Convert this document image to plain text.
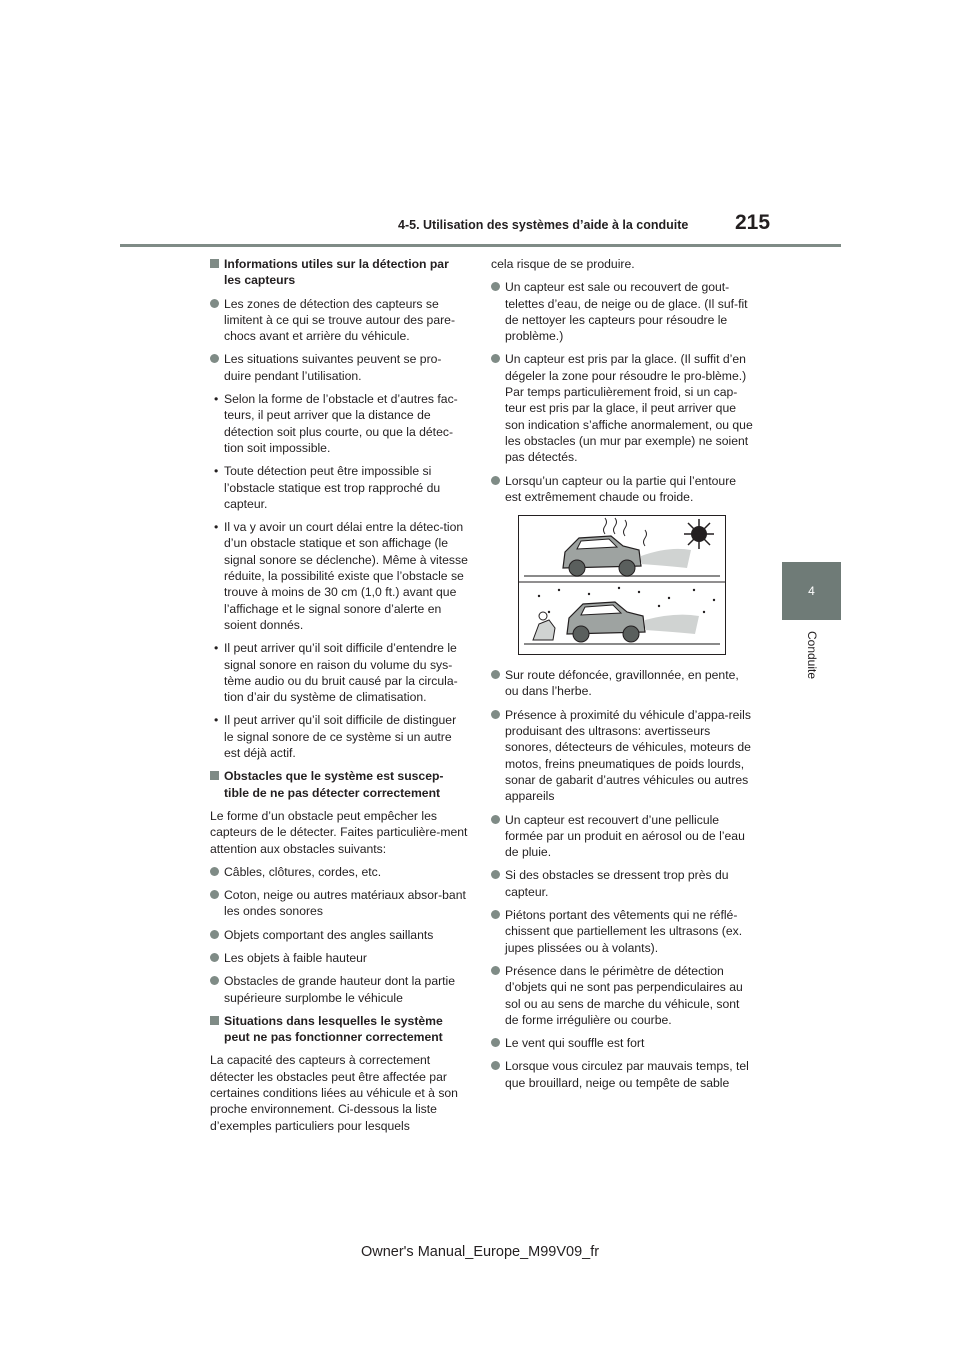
4-5. Utilisation des systèmes d’aide à la conduite 215
4
Conduite
Informations utiles sur la détection par les capteurs
Les zones de détection des capteurs se limitent à ce qui se trouve autour des pare-chocs avant et arrière du véhicule.
Les situations suivantes peuvent se pro-duire pendant l’utilisation.
• Selon la forme de l’obstacle et d’autres fac-teurs, il peut arriver que la distance de détection soit plus courte, ou que la détec-tion soit impossible.
• Toute détection peut être impossible si l’obstacle statique est trop rapproché du capteur.
• Il va y avoir un court délai entre la détec-tion d’un obstacle statique et son affichage (le signal sonore se déclenche). Même à vitesse réduite, la possibilité existe que l’obstacle se trouve à moins de 30 cm (1,0 ft.) avant que l’affichage et le signal sonore d’alerte en soient donnés.
• Il peut arriver qu’il soit difficile d’entendre le signal sonore en raison du volume du sys-tème audio ou du bruit causé par la circula-tion d’air du système de climatisation.
• Il peut arriver qu’il soit difficile de distinguer le signal sonore de ce système si un autre est déjà actif.
Obstacles que le système est suscep-tible de ne pas détecter correctement
Le forme d’un obstacle peut empêcher les capteurs de le détecter. Faites particulière-ment attention aux obstacles suivants:
Câbles, clôtures, cordes, etc.
Coton, neige ou autres matériaux absor-bant les ondes sonores
Objets comportant des angles saillants
Les objets à faible hauteur
Obstacles de grande hauteur dont la partie supérieure surplombe le véhicule
Situations dans lesquelles le système peut ne pas fonctionner correctement
La capacité des capteurs à correctement détecter les obstacles peut être affectée par certaines conditions liées au véhicule et à son proche environnement. Ci-dessous la liste d’exemples particuliers pour lesquels
cela risque de se produire.
Un capteur est sale ou recouvert de gout-telettes d’eau, de neige ou de glace. (Il suf-fit de nettoyer les capteurs pour résoudre le problème.)
Un capteur est pris par la glace. (Il suffit d’en dégeler la zone pour résoudre le pro-blème.)
Par temps particulièrement froid, si un cap-teur est pris par la glace, il peut arriver que son indication s’affiche anormalement, ou que les obstacles (un mur par exemple) ne soient pas détectés.
Lorsqu’un capteur ou la partie qui l’entoure est extrêmement chaude ou froide.
Sur route défoncée, gravillonnée, en pente, ou dans l’herbe.
Présence à proximité du véhicule d’appa-reils produisant des ultrasons: avertisseurs sonores, détecteurs de véhicules, moteurs de motos, freins pneumatiques de poids lourds, sonar de gabarit d’autres véhicules ou autres appareils
Un capteur est recouvert d’une pellicule formée par un produit en aérosol ou de l’eau de pluie.
Si des obstacles se dressent trop près du capteur.
Piétons portant des vêtements qui ne réflé-chissent que partiellement les ultrasons (ex. jupes plissées ou à volants).
Présence dans le périmètre de détection d’objets qui ne sont pas perpendiculaires au sol ou au sens de marche du véhicule, sont de forme irrégulière ou courbe.
Le vent qui souffle est fort
Lorsque vous circulez par mauvais temps, tel que brouillard, neige ou tempête de sable
Owner's Manual_Europe_M99V09_fr
